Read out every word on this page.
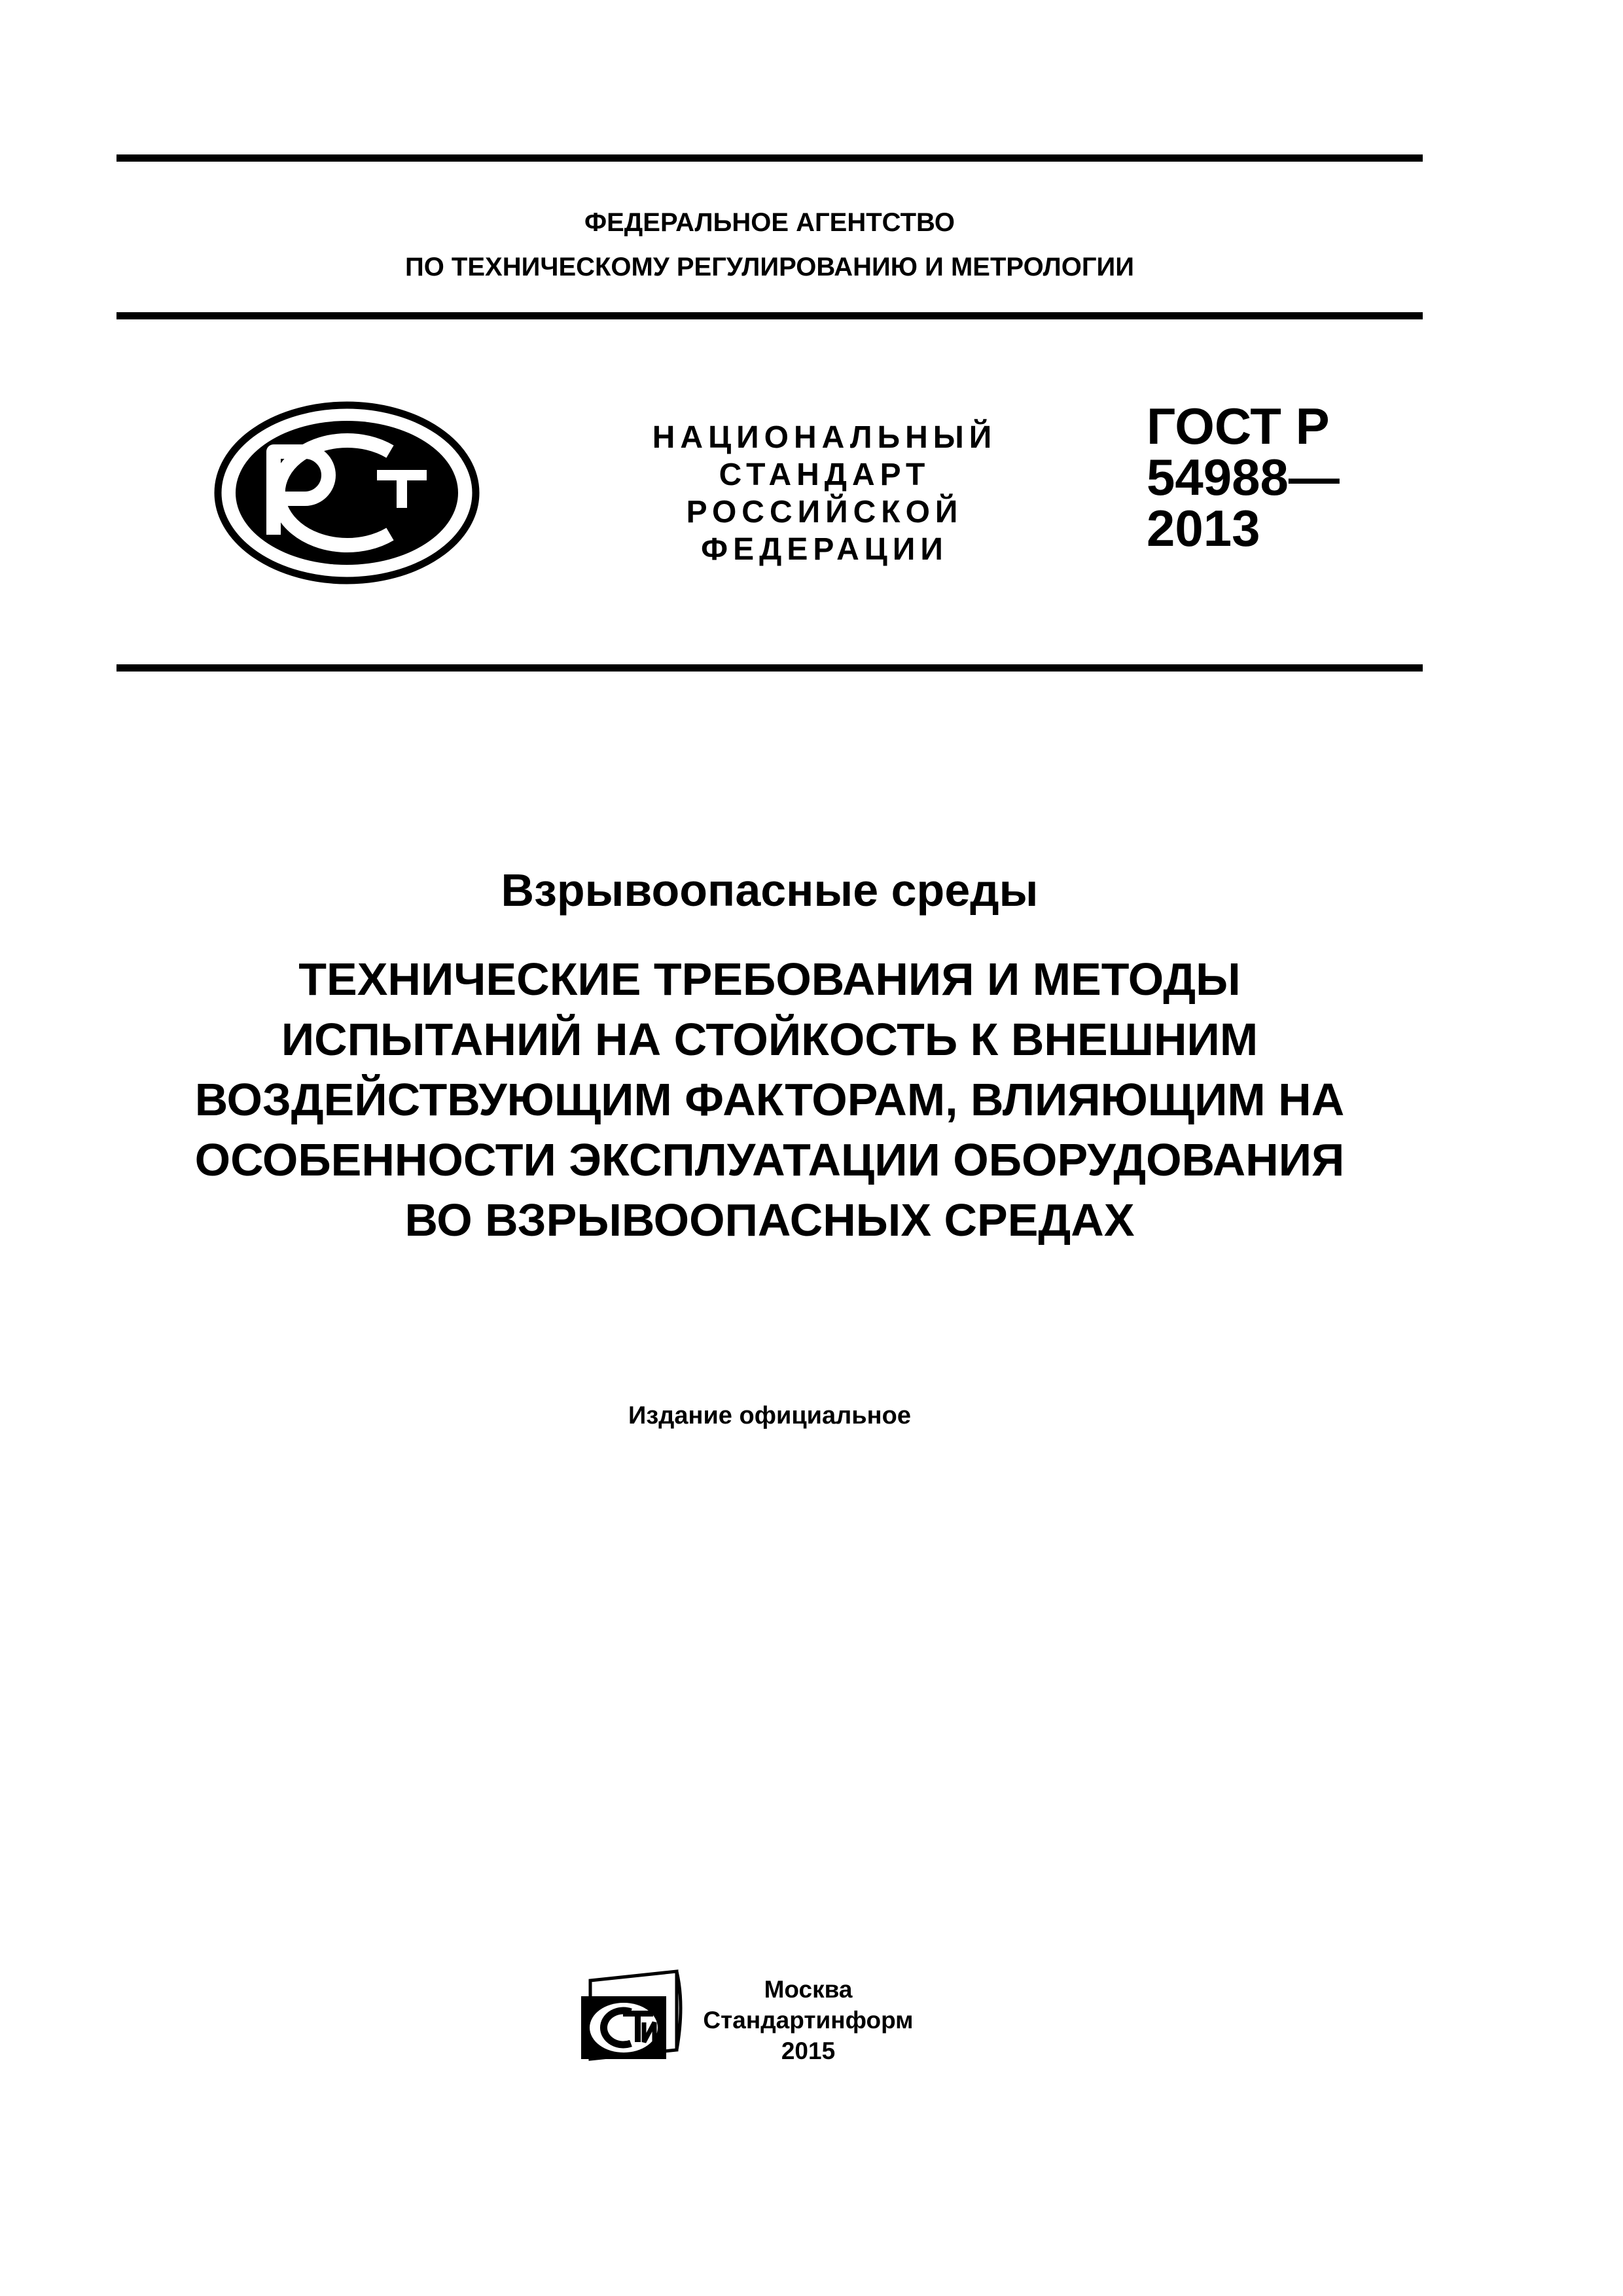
ФЕДЕРАЛЬНОЕ АГЕНТСТВО
ПО ТЕХНИЧЕСКОМУ РЕГУЛИРОВАНИЮ И МЕТРОЛОГИИ
НАЦИОНАЛЬНЫЙ
СТАНДАРТ
РОССИЙСКОЙ
ФЕДЕРАЦИИ
ГОСТ Р
54988—
2013
Взрывоопасные среды
ТЕХНИЧЕСКИЕ ТРЕБОВАНИЯ И МЕТОДЫ
ИСПЫТАНИЙ НА СТОЙКОСТЬ К ВНЕШНИМ
ВОЗДЕЙСТВУЮЩИМ ФАКТОРАМ, ВЛИЯЮЩИМ НА
ОСОБЕННОСТИ ЭКСПЛУАТАЦИИ ОБОРУДОВАНИЯ
ВО ВЗРЫВООПАСНЫХ СРЕДАХ
Издание официальное
Москва
Стандартинформ
2015
